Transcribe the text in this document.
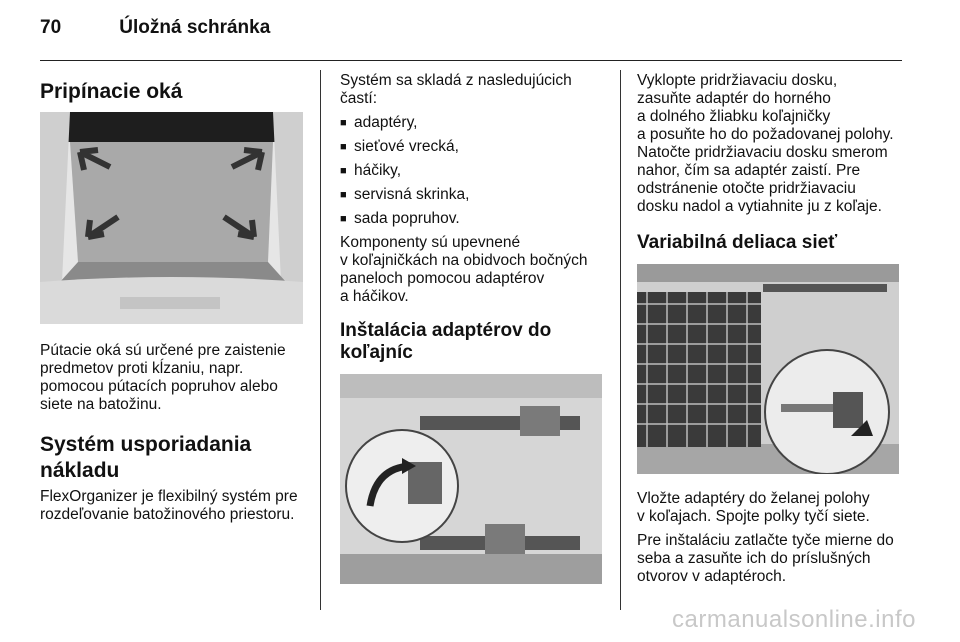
70	Úložná schránka
Pripínacie oká

Pútacie oká sú určené pre zaistenie
predmetov proti kĺzaniu, napr.
pomocou pútacích popruhov alebo
siete na batožinu.

Systém usporiadania
nákladu

FlexOrganizer je flexibilný systém pre
rozdeľovanie batožinového priestoru.

Systém sa skladá z nasledujúcich
častí:

■ adaptéry,
■ sieťové vrecká,
■ háčiky,
■ servisná skrinka,
■ sada popruhov.

Komponenty sú upevnené
v koľajničkách na obidvoch bočných
paneloch pomocou adaptérov
a háčikov.

Inštalácia adaptérov do koľajníc

Vyklopte pridržiavaciu dosku,
zasuňte adaptér do horného
a dolného žliabku koľajničky
a posuňte ho do požadovanej polohy.
Natočte pridržiavaciu dosku smerom
nahor, čím sa adaptér zaistí. Pre
odstránenie otočte pridržiavaciu
dosku nadol a vytiahnite ju z koľaje.

Variabilná deliaca sieť

Vložte adaptéry do želanej polohy
v koľajach. Spojte polky tyčí siete.

Pre inštaláciu zatlačte tyče mierne do
seba a zasuňte ich do príslušných
otvorov v adaptéroch.

carmanualsonline.info
